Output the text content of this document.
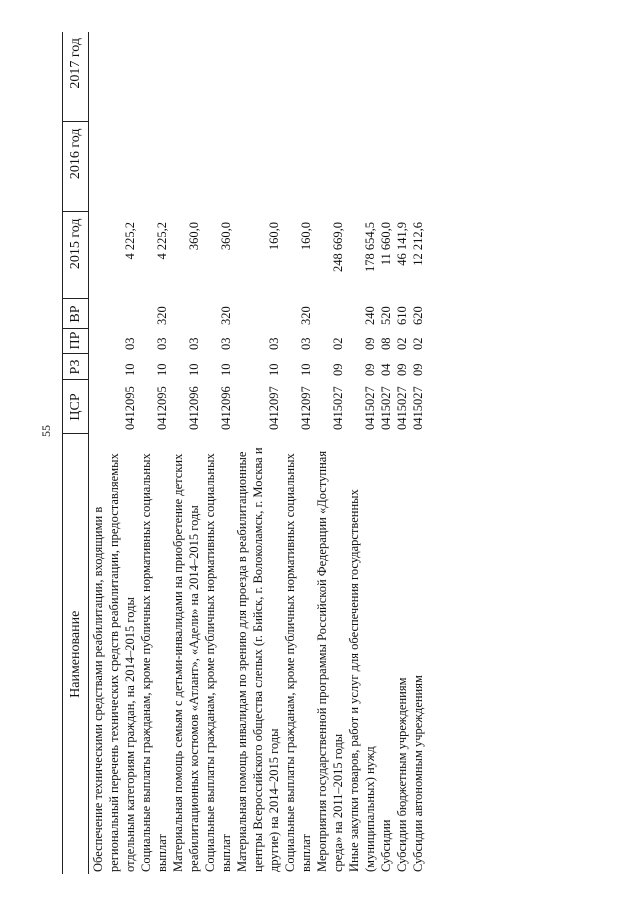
55
Наименование	ЦСР	РЗ	ПР	ВР	2015 год	2016 год	2017 год
Обеспечение техническими средствами реабилитации, входящими в региональный перечень технических средств реабилитации, предоставляемых отдельным категориям граждан, на 2014–2015 годы	0412095	10	03		4 225,2		
Социальные выплаты гражданам, кроме публичных нормативных социальных выплат	0412095	10	03	320	4 225,2		
Материальная помощь семьям с детьми-инвалидами на приобретение детских реабилитационных костюмов «Атлант», «Адели» на 2014–2015 годы	0412096	10	03		360,0		
Социальные выплаты гражданам, кроме публичных нормативных социальных выплат	0412096	10	03	320	360,0		
Материальная помощь инвалидам по зрению для проезда в реабилитационные центры Всероссийского общества слепых (г. Бийск, г. Волоколамск, г. Москва и другие) на 2014–2015 годы	0412097	10	03		160,0		
Социальные выплаты гражданам, кроме публичных нормативных социальных выплат	0412097	10	03	320	160,0		
Мероприятия государственной программы Российской Федерации «Доступная среда» на 2011–2015 годы	0415027	09	02		248 669,0		
Иные закупки товаров, работ и услуг для обеспечения государственных (муниципальных) нужд	0415027	09	09	240	178 654,5		
Субсидии	0415027	04	08	520	11 660,0		
Субсидии бюджетным учреждениям	0415027	09	02	610	46 141,9		
Субсидии автономным учреждениям	0415027	09	02	620	12 212,6		
